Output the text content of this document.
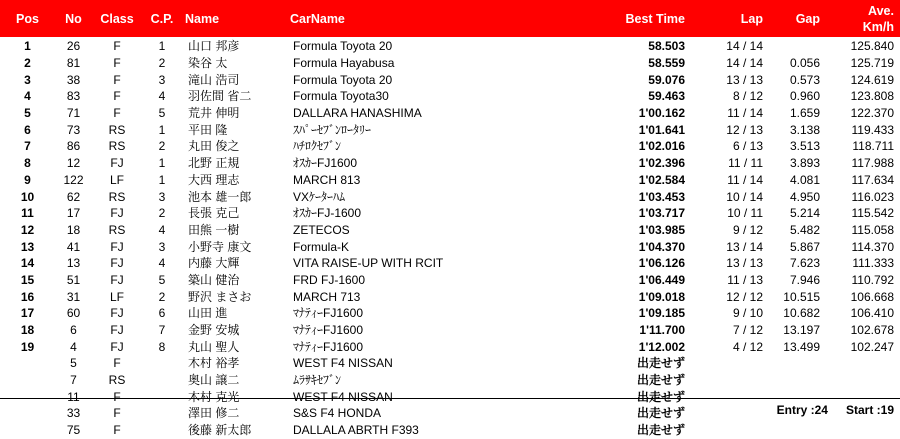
Pos	No	Class	C.P.	Name	CarName	Best Time	Lap	Gap	Ave.
Km/h

1	26	F	1	山口 邦彦	Formula Toyota 20	58.503	14 / 14		125.840
2	81	F	2	染谷 太	Formula Hayabusa	58.559	14 / 14	0.056	125.719
3	38	F	3	滝山 浩司	Formula Toyota 20	59.076	13 / 13	0.573	124.619
4	83	F	4	羽佐間 省二	Formula Toyota30	59.463	8 / 12	0.960	123.808
5	71	F	5	荒井 伸明	DALLARA HANASHIMA	1'00.162	11 / 14	1.659	122.370
6	73	RS	1	平田 隆	ｽﾊﾟｰｾﾌﾞﾝﾛｰﾀﾘｰ	1'01.641	12 / 13	3.138	119.433
7	86	RS	2	丸田 俊之	ﾊﾁﾛｸｾﾌﾞﾝ	1'02.016	6 / 13	3.513	118.711
8	12	FJ	1	北野 正規	ｵｽｶｰFJ1600	1'02.396	11 / 11	3.893	117.988
9	122	LF	1	大西 理志	MARCH 813	1'02.584	11 / 14	4.081	117.634
10	62	RS	3	池本 雄一郎	VXｹｰﾀｰﾊﾑ	1'03.453	10 / 14	4.950	116.023
11	17	FJ	2	長張 克己	ｵｽｶｰFJ-1600	1'03.717	10 / 11	5.214	115.542
12	18	RS	4	田熊 一樹	ZETECOS	1'03.985	9 / 12	5.482	115.058
13	41	FJ	3	小野寺 康文	Formula-K	1'04.370	13 / 14	5.867	114.370
14	13	FJ	4	内藤 大輝	VITA RAISE-UP WITH RCIT	1'06.126	13 / 13	7.623	111.333
15	51	FJ	5	築山 健治	FRD FJ-1600	1'06.449	11 / 13	7.946	110.792
16	31	LF	2	野沢 まさお	MARCH 713	1'09.018	12 / 12	10.515	106.668
17	60	FJ	6	山田 進	ﾏﾅﾃｨｰFJ1600	1'09.185	9 / 10	10.682	106.410
18	6	FJ	7	金野 安城	ﾏﾅﾃｨｰFJ1600	1'11.700	7 / 12	13.197	102.678
19	4	FJ	8	丸山 聖人	ﾏﾅﾃｨｰFJ1600	1'12.002	4 / 12	13.499	102.247
	5	F		木村 裕孝	WEST F4 NISSAN	出走せず			
	7	RS		奥山 譲二	ﾑﾗｻｷｾﾌﾞﾝ	出走せず			
	11	F		木村 克光	WEST F4 NISSAN	出走せず			
	33	F		澤田 修二	S&S F4 HONDA	出走せず			
	75	F		後藤 新太郎	DALLALA ABRTH F393	出走せず			
Entry :24 Start :19
